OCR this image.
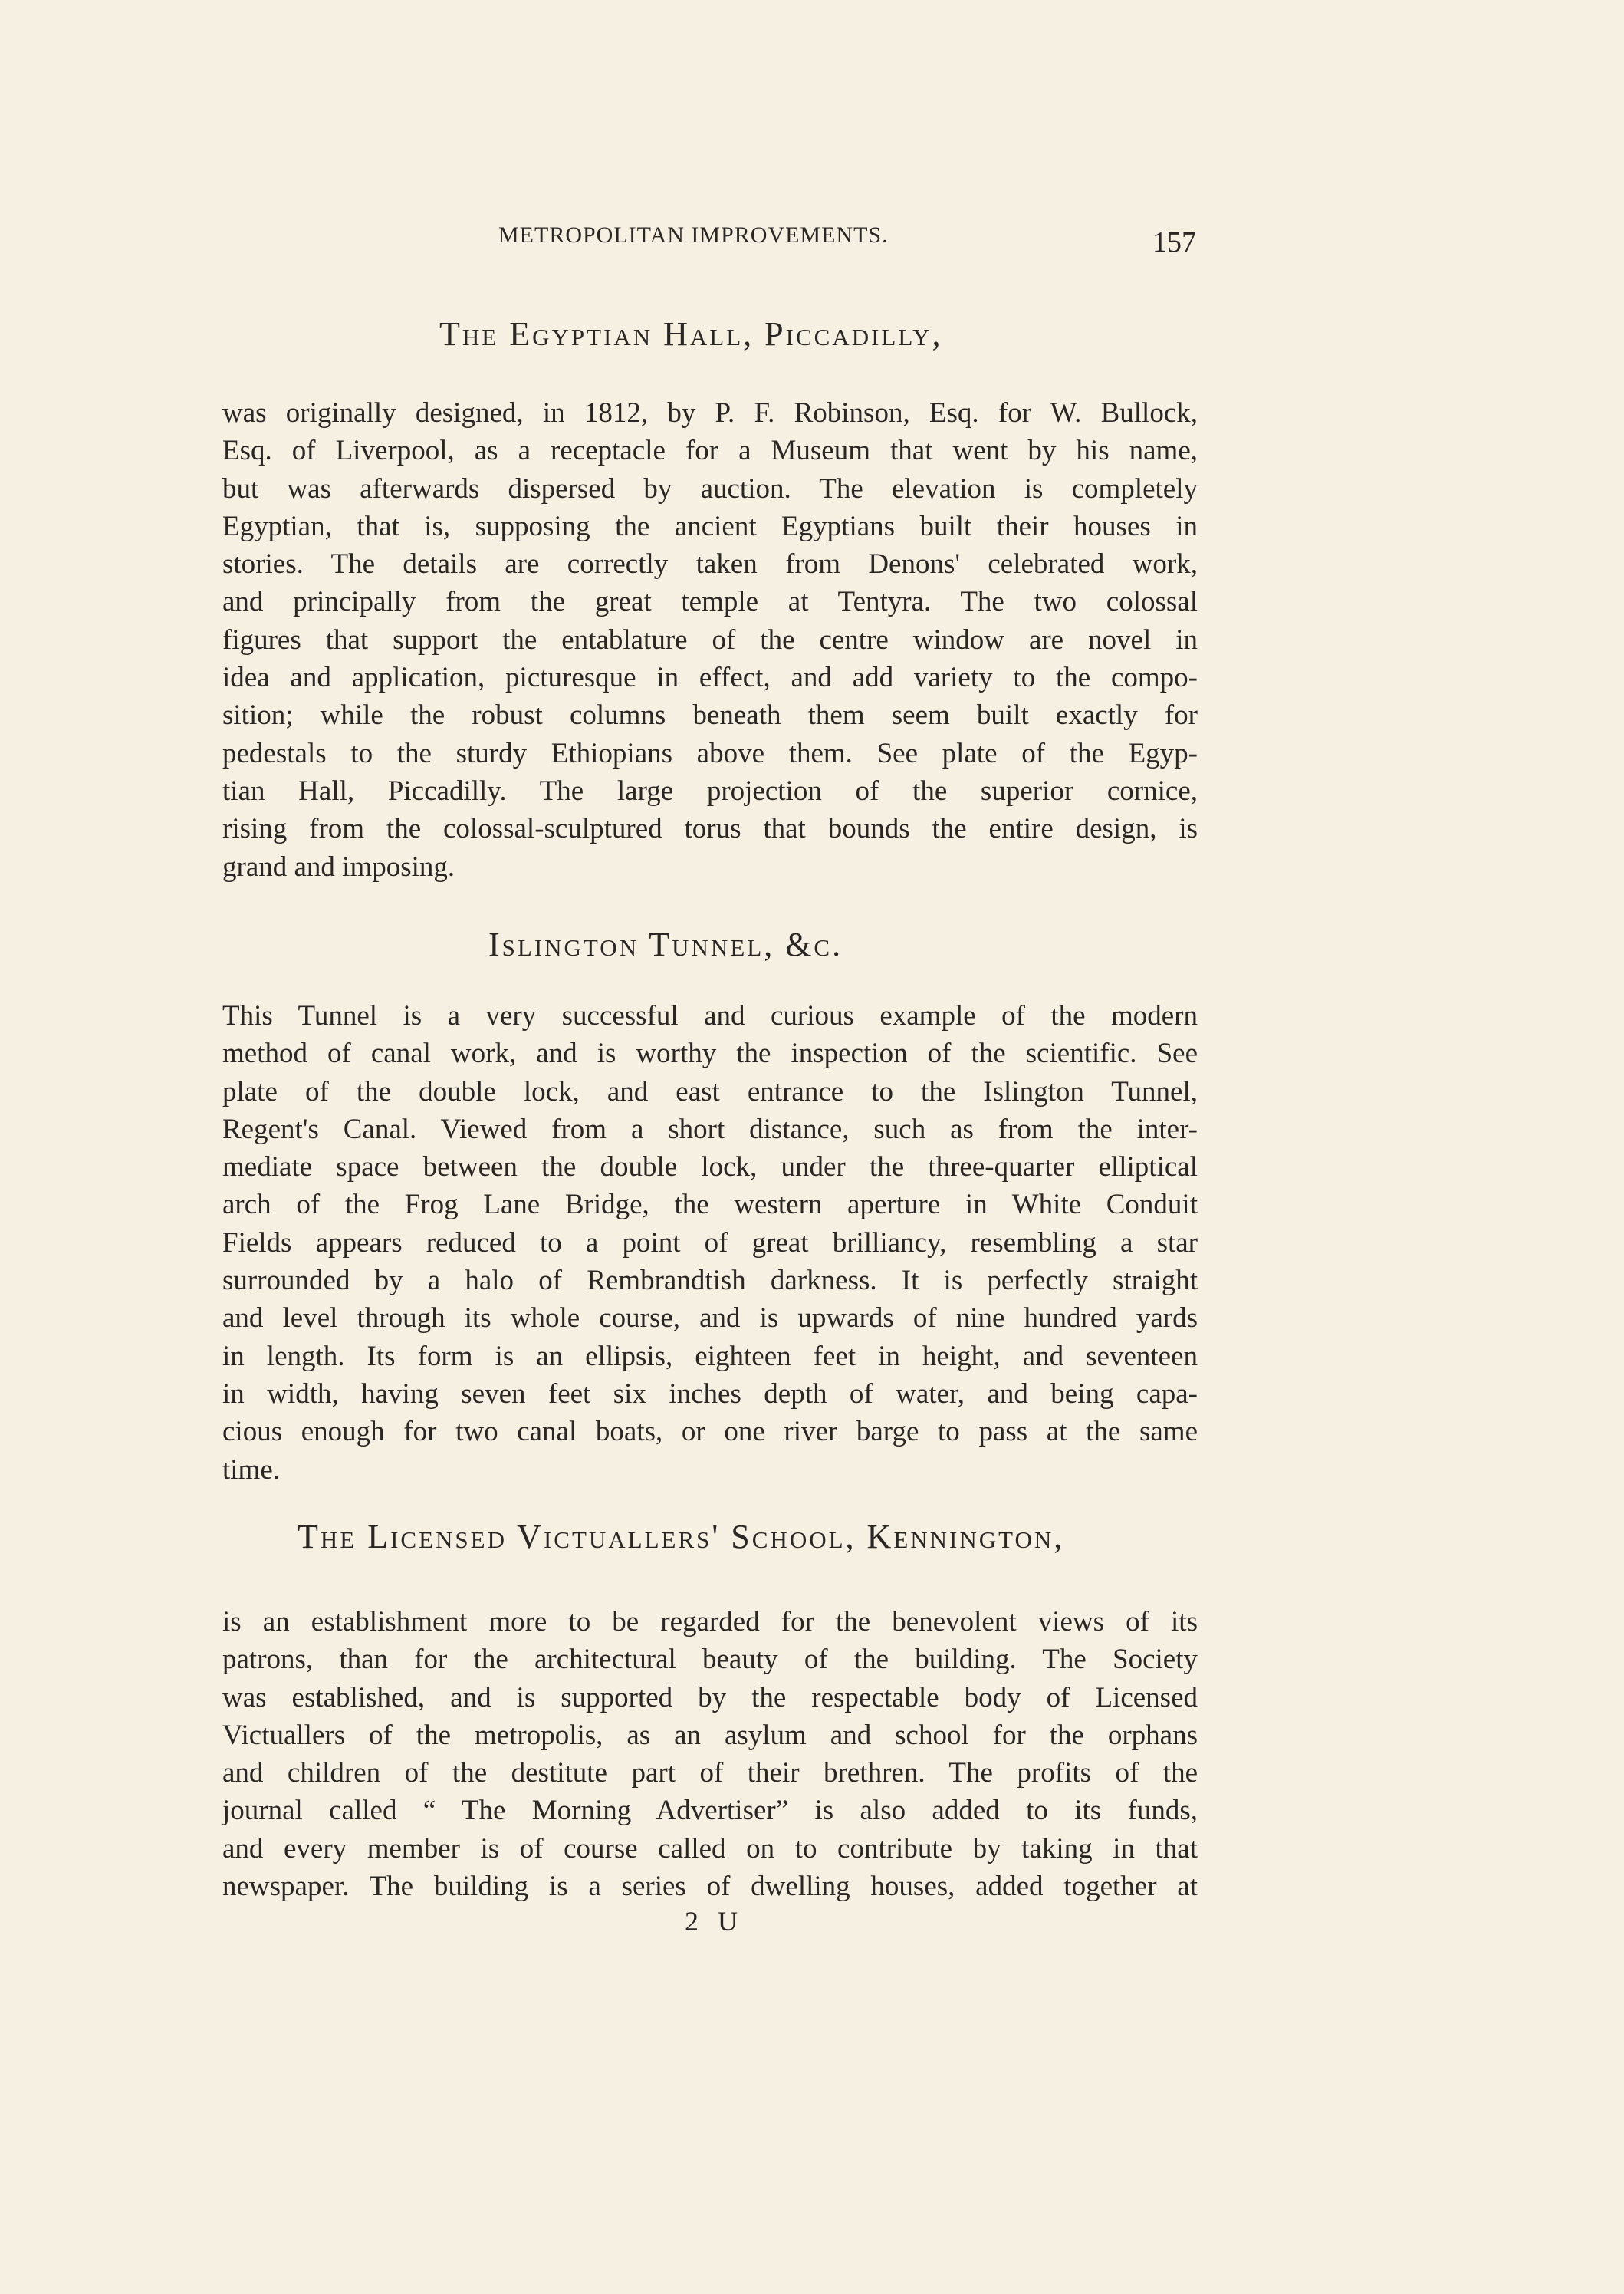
METROPOLITAN IMPROVEMENTS.	157
The Egyptian Hall, Piccadilly,
was originally designed, in 1812, by P. F. Robinson, Esq. for W. Bullock,
Esq. of Liverpool, as a receptacle for a Museum that went by his name,
but was afterwards dispersed by auction. The elevation is completely
Egyptian, that is, supposing the ancient Egyptians built their houses in
stories. The details are correctly taken from Denons' celebrated work,
and principally from the great temple at Tentyra. The two colossal
figures that support the entablature of the centre window are novel in
idea and application, picturesque in effect, and add variety to the compo-
sition; while the robust columns beneath them seem built exactly for
pedestals to the sturdy Ethiopians above them. See plate of the Egyp-
tian Hall, Piccadilly. The large projection of the superior cornice,
rising from the colossal-sculptured torus that bounds the entire design, is
grand and imposing.
Islington Tunnel, &c.
This Tunnel is a very successful and curious example of the modern
method of canal work, and is worthy the inspection of the scientific. See
plate of the double lock, and east entrance to the Islington Tunnel,
Regent's Canal. Viewed from a short distance, such as from the inter-
mediate space between the double lock, under the three-quarter elliptical
arch of the Frog Lane Bridge, the western aperture in White Conduit
Fields appears reduced to a point of great brilliancy, resembling a star
surrounded by a halo of Rembrandtish darkness. It is perfectly straight
and level through its whole course, and is upwards of nine hundred yards
in length. Its form is an ellipsis, eighteen feet in height, and seventeen
in width, having seven feet six inches depth of water, and being capa-
cious enough for two canal boats, or one river barge to pass at the same
time.
The Licensed Victuallers' School, Kennington,
is an establishment more to be regarded for the benevolent views of its
patrons, than for the architectural beauty of the building. The Society
was established, and is supported by the respectable body of Licensed
Victuallers of the metropolis, as an asylum and school for the orphans
and children of the destitute part of their brethren. The profits of the
journal called “ The Morning Advertiser” is also added to its funds,
and every member is of course called on to contribute by taking in that
newspaper. The building is a series of dwelling houses, added together at
2 U
